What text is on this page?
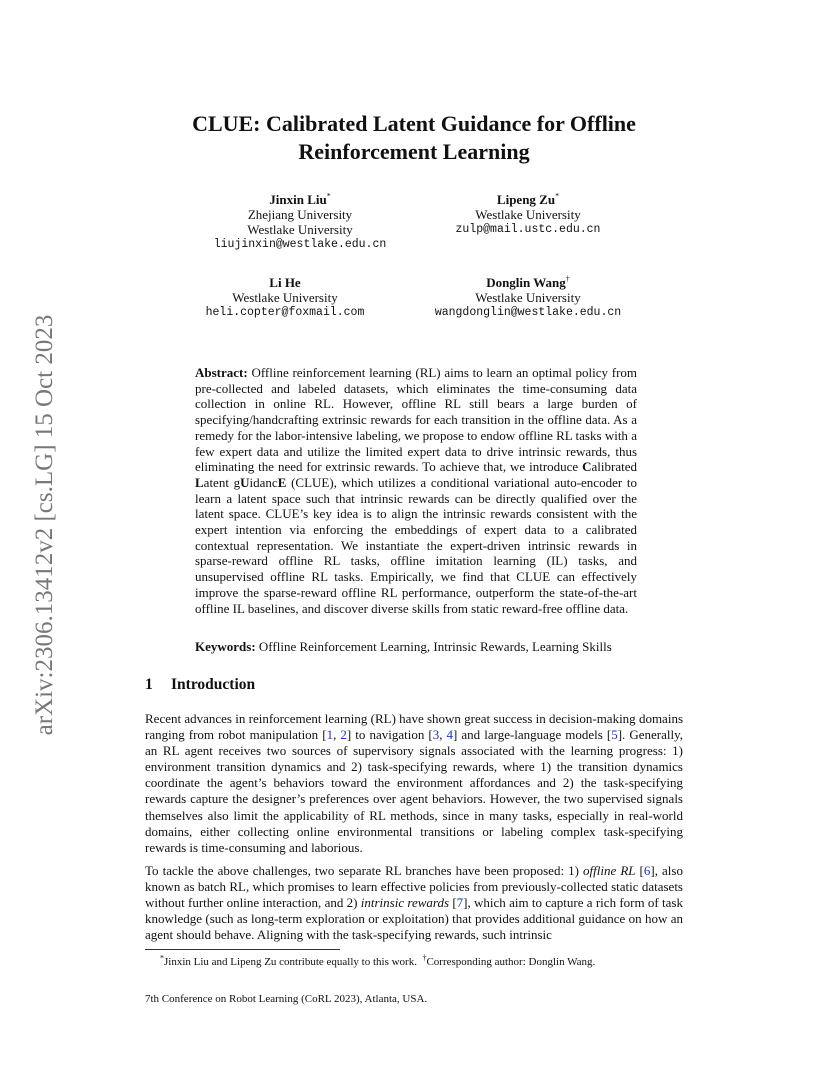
arXiv:2306.13412v2 [cs.LG] 15 Oct 2023
CLUE: Calibrated Latent Guidance for Offline Reinforcement Learning
Jinxin Liu*
Zhejiang University
Westlake University
liujinxin@westlake.edu.cn
Lipeng Zu*
Westlake University
zulp@mail.ustc.edu.cn
Li He
Westlake University
heli.copter@foxmail.com
Donglin Wang†
Westlake University
wangdonglin@westlake.edu.cn
Abstract: Offline reinforcement learning (RL) aims to learn an optimal policy from pre-collected and labeled datasets, which eliminates the time-consuming data collection in online RL. However, offline RL still bears a large burden of specifying/handcrafting extrinsic rewards for each transition in the offline data. As a remedy for the labor-intensive labeling, we propose to endow offline RL tasks with a few expert data and utilize the limited expert data to drive intrinsic rewards, thus eliminating the need for extrinsic rewards. To achieve that, we introduce Calibrated Latent gUidancE (CLUE), which utilizes a conditional variational auto-encoder to learn a latent space such that intrinsic rewards can be directly qualified over the latent space. CLUE’s key idea is to align the intrinsic rewards consistent with the expert intention via enforcing the embeddings of expert data to a calibrated contextual representation. We instantiate the expert-driven intrinsic rewards in sparse-reward offline RL tasks, offline imitation learning (IL) tasks, and unsupervised offline RL tasks. Empirically, we find that CLUE can effectively improve the sparse-reward offline RL performance, outperform the state-of-the-art offline IL baselines, and discover diverse skills from static reward-free offline data.
Keywords: Offline Reinforcement Learning, Intrinsic Rewards, Learning Skills
1 Introduction

Recent advances in reinforcement learning (RL) have shown great success in decision-making domains ranging from robot manipulation [1, 2] to navigation [3, 4] and large-language models [5]. Generally, an RL agent receives two sources of supervisory signals associated with the learning progress: 1) environment transition dynamics and 2) task-specifying rewards, where 1) the transition dynamics coordinate the agent’s behaviors toward the environment affordances and 2) the task-specifying rewards capture the designer’s preferences over agent behaviors. However, the two supervised signals themselves also limit the applicability of RL methods, since in many tasks, especially in real-world domains, either collecting online environmental transitions or labeling complex task-specifying rewards is time-consuming and laborious.

To tackle the above challenges, two separate RL branches have been proposed: 1) offline RL [6], also known as batch RL, which promises to learn effective policies from previously-collected static datasets without further online interaction, and 2) intrinsic rewards [7], which aim to capture a rich form of task knowledge (such as long-term exploration or exploitation) that provides additional guidance on how an agent should behave. Aligning with the task-specifying rewards, such intrinsic

*Jinxin Liu and Lipeng Zu contribute equally to this work. †Corresponding author: Donglin Wang.
7th Conference on Robot Learning (CoRL 2023), Atlanta, USA.
